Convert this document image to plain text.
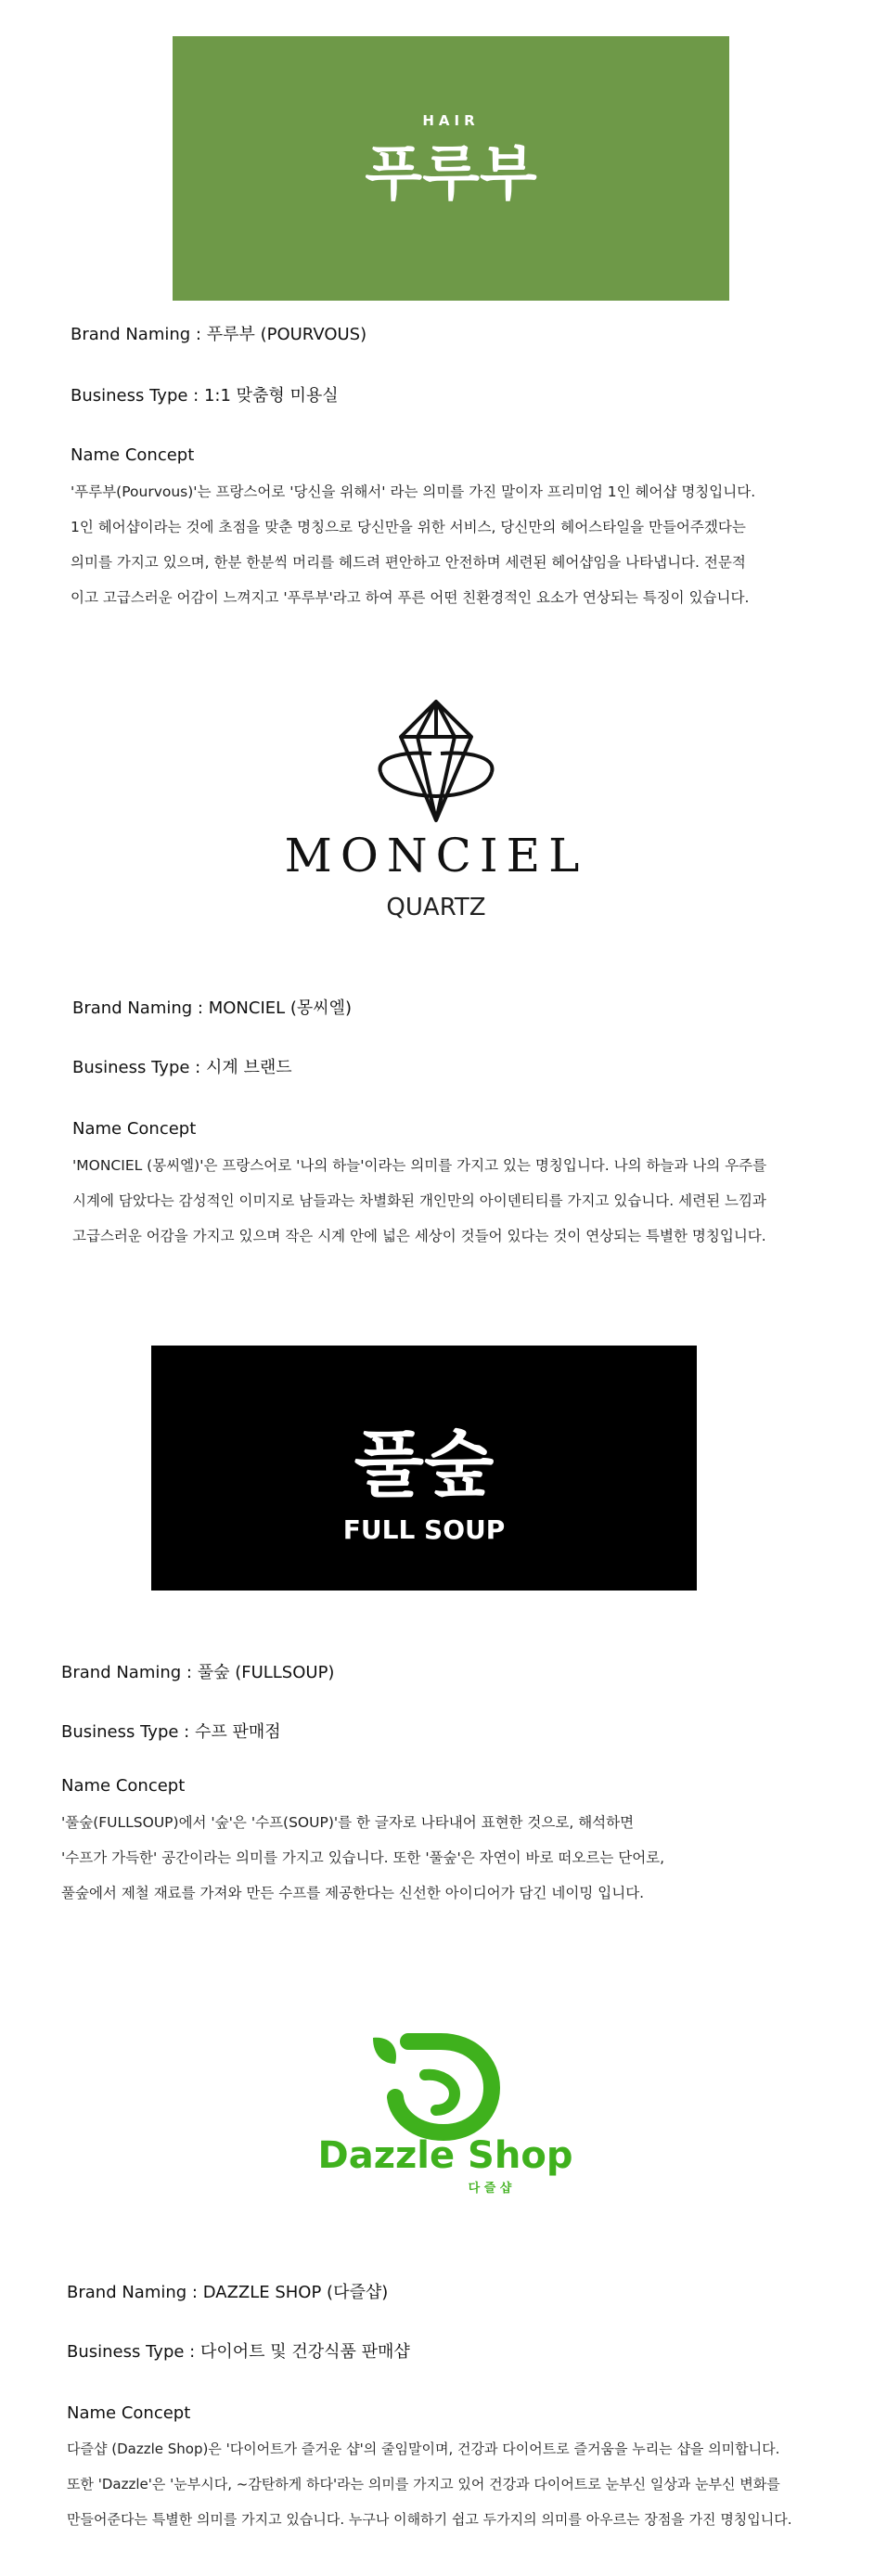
HAIR
푸루부
Brand Naming : 푸루부 (POURVOUS)
Business Type : 1:1 맞춤형 미용실
Name Concept
'푸루부(Pourvous)'는 프랑스어로 '당신을 위해서' 라는 의미를 가진 말이자 프리미엄 1인 헤어샵 명칭입니다.
1인 헤어샵이라는 것에 초점을 맞춘 명칭으로 당신만을 위한 서비스, 당신만의 헤어스타일을 만들어주겠다는
의미를 가지고 있으며, 한분 한분씩 머리를 헤드려 편안하고 안전하며 세련된 헤어샵임을 나타냅니다. 전문적
이고 고급스러운 어감이 느껴지고 '푸루부'라고 하여 푸른 어떤 친환경적인 요소가 연상되는 특징이 있습니다.
MONCIEL
QUARTZ
Brand Naming : MONCIEL (몽씨엘)
Business Type : 시계 브랜드
Name Concept
'MONCIEL (몽씨엘)'은 프랑스어로 '나의 하늘'이라는 의미를 가지고 있는 명칭입니다. 나의 하늘과 나의 우주를
시계에 담았다는 감성적인 이미지로 남들과는 차별화된 개인만의 아이덴티티를 가지고 있습니다. 세련된 느낌과
고급스러운 어감을 가지고 있으며 작은 시계 안에 넓은 세상이 것들어 있다는 것이 연상되는 특별한 명칭입니다.
풀숲
FULL SOUP
Brand Naming : 풀숲 (FULLSOUP)
Business Type : 수프 판매점
Name Concept
'풀숲(FULLSOUP)에서 '숲'은 '수프(SOUP)'를 한 글자로 나타내어 표현한 것으로, 해석하면
'수프가 가득한' 공간이라는 의미를 가지고 있습니다. 또한 '풀숲'은 자연이 바로 떠오르는 단어로,
풀숲에서 제철 재료를 가져와 만든 수프를 제공한다는 신선한 아이디어가 담긴 네이밍 입니다.
Dazzle Shop
다 즐 샵
Brand Naming : DAZZLE SHOP (다즐샵)
Business Type : 다이어트 및 건강식품 판매샵
Name Concept
다즐샵 (Dazzle Shop)은 '다이어트가 즐거운 샵'의 줄임말이며, 건강과 다이어트로 즐거움을 누리는 샵을 의미합니다.
또한 'Dazzle'은 '눈부시다, ~감탄하게 하다'라는 의미를 가지고 있어 건강과 다이어트로 눈부신 일상과 눈부신 변화를
만들어준다는 특별한 의미를 가지고 있습니다. 누구나 이해하기 쉽고 두가지의 의미를 아우르는 장점을 가진 명칭입니다.
